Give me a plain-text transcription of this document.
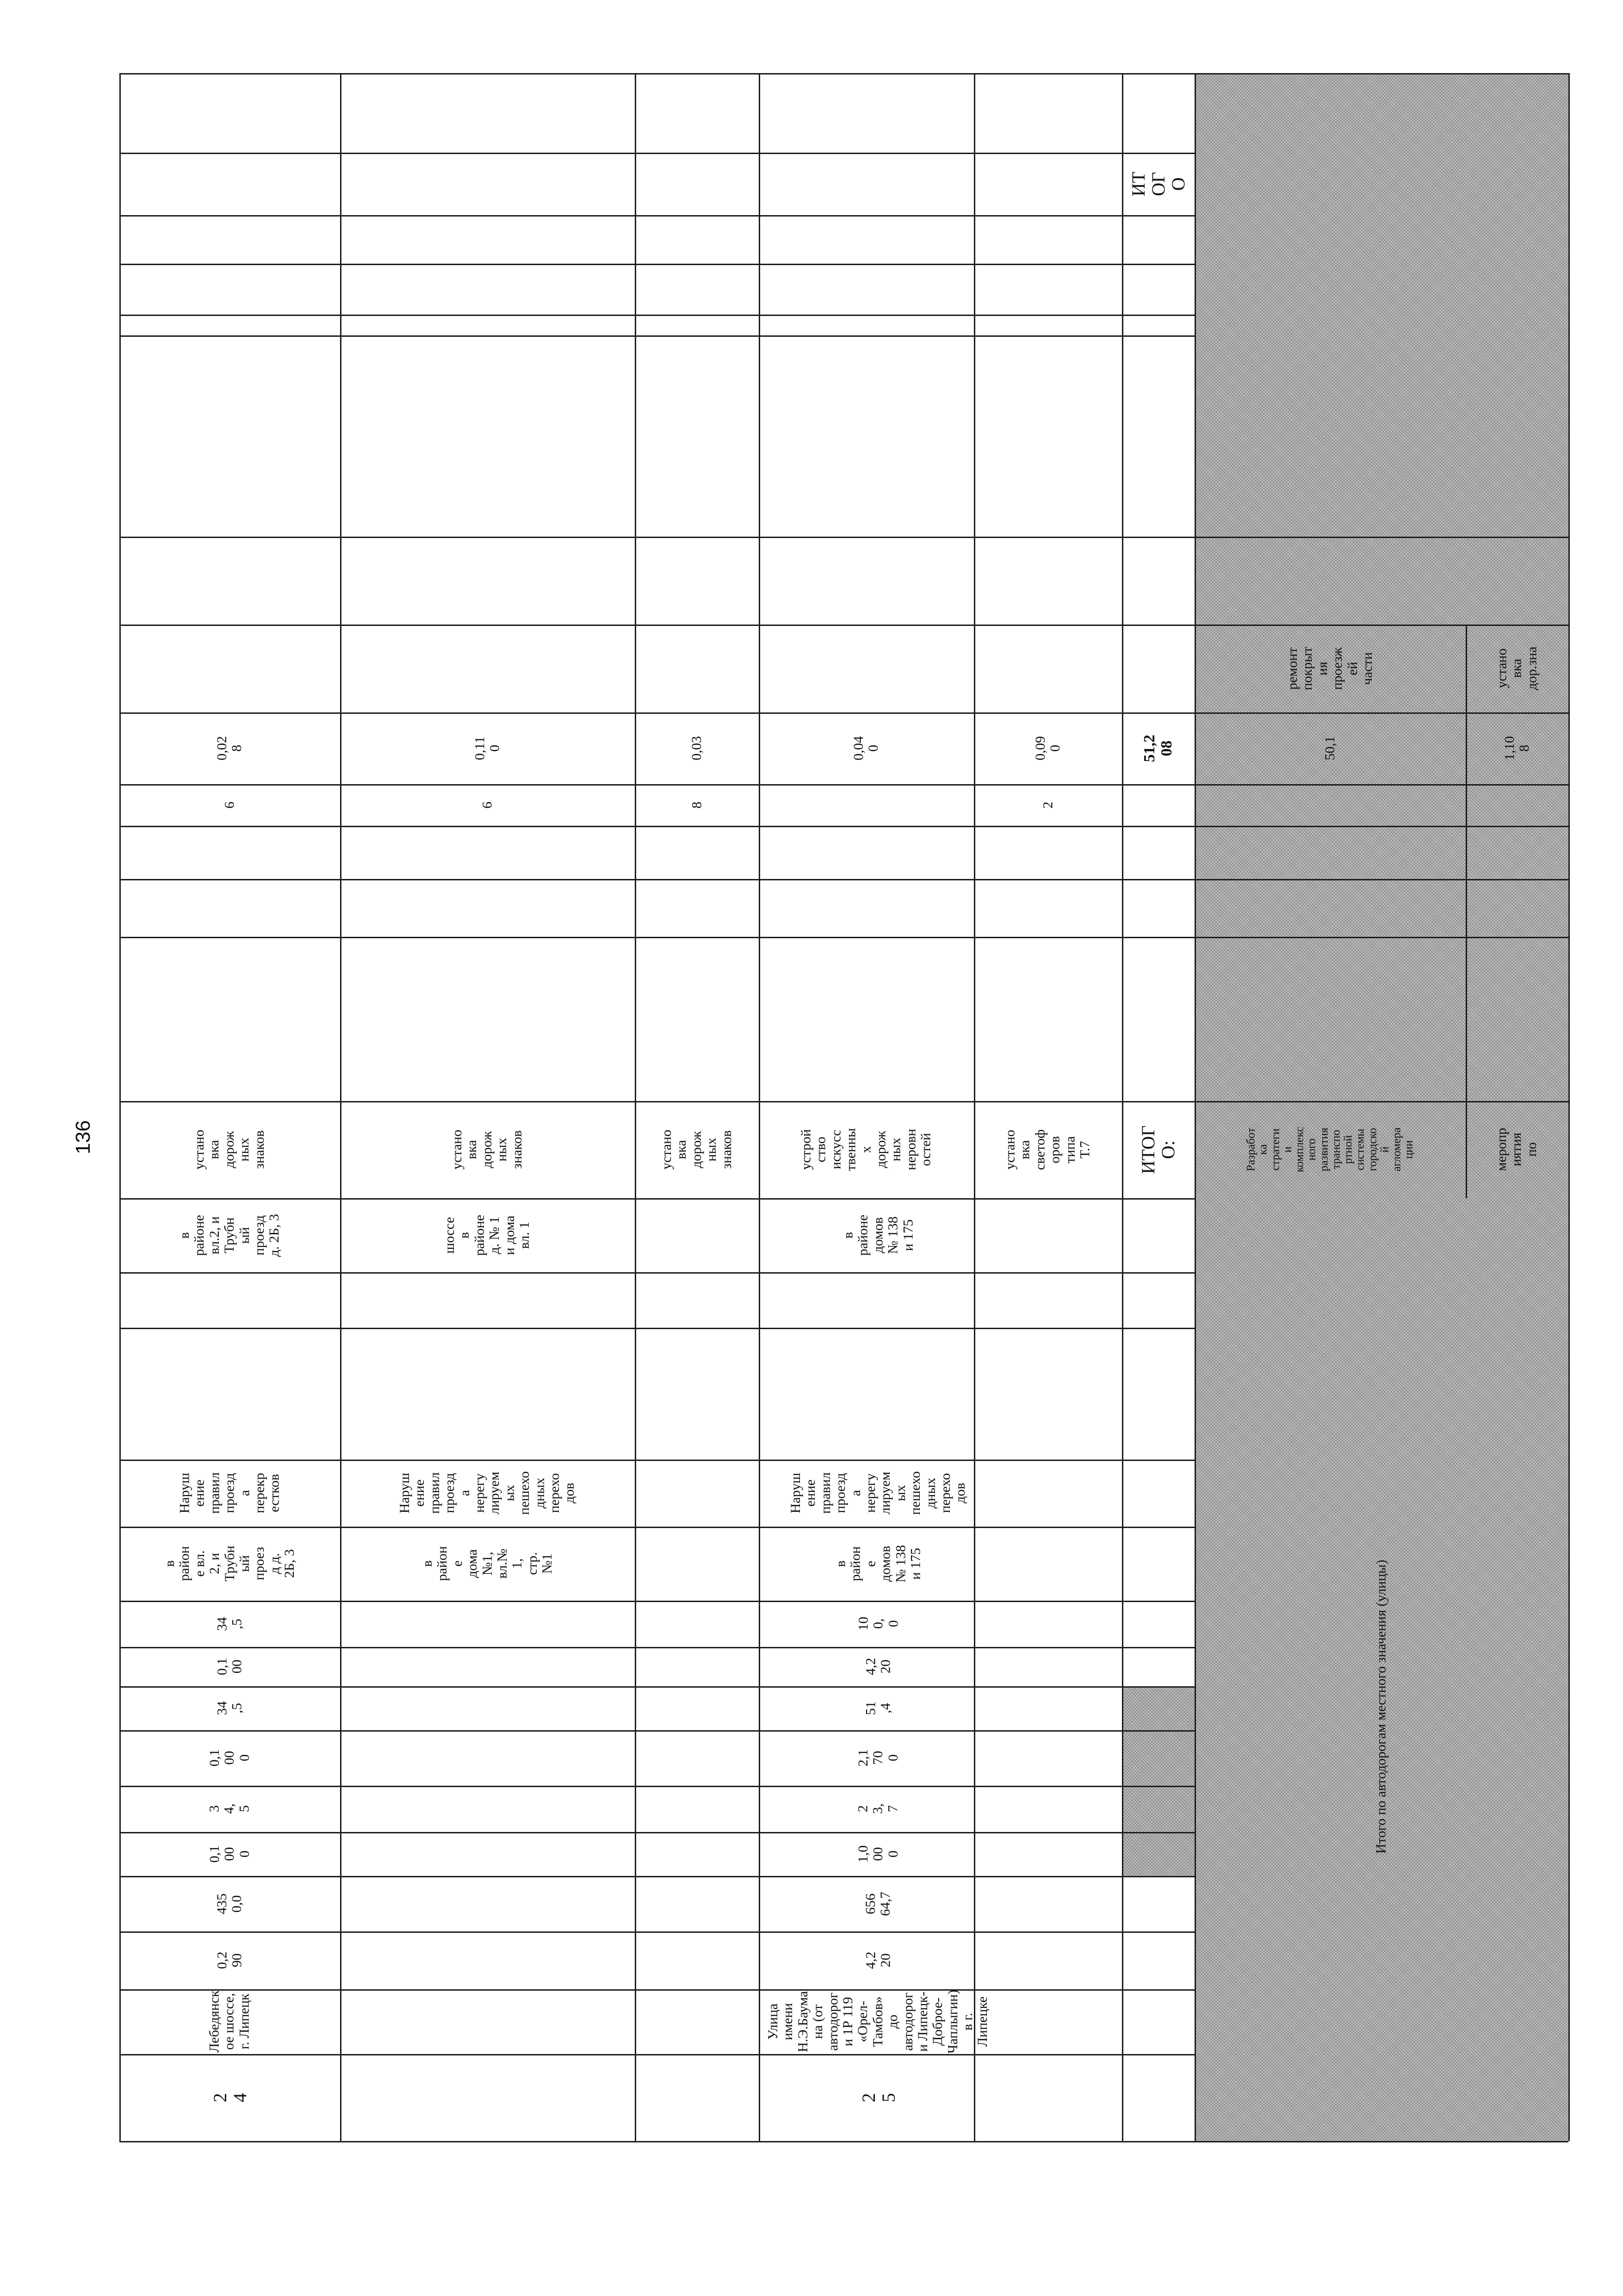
136
2
4
Лебедянск
ое шоссе,
г. Липецк
0,2
90
435
0,0
0,1
00
0
3
4,
5
0,1
00
0
34
,5
0,1
00
34
,5
в
район
е вл.
2, и
Трубн
ый
проез
д д.
2Б, 3
Наруш
ение
правил
проезд
а
перекр
естков
в
районе
вл.2, и
Трубн
ый
проезд
д. 2Б, 3
устано
вка
дорож
ных
знаков
6
0,02
8
в
район
е
дома
№1,
вл.№
1,
стр.
№1
Наруш
ение
правил
проезд
а
нерегу
лируем
ых
пешехо
дных
перехо
дов
шоссе
в
районе
д. № 1
и дома
вл. 1
устано
вка
дорож
ных
знаков
6
0,11
0
2
5
Улица
имени
Н.Э.Баума
на (от
автодорог
и 1Р 119
«Орел-
Тамбов»
до
автодорог
и Липецк-
Доброе-
Чаплыгин)
в г.
Липецке
4,2
20
656
64,7
1,0
00
0
2
3,
7
2,1
70
0
51
,4
4,2
20
10
0,
0
в
район
е
домов
№ 138
и 175
Наруш
ение
правил
проезд
а
нерегу
лируем
ых
пешехо
дных
перехо
дов
в
районе
домов
№ 138
и 175
устано
вка
дорож
ных
знаков
8
0,03
устрой
ство
искусс
твенны
х
дорож
ных
неровн
остей
0,04
0
устано
вка
светоф
оров
типа
Т.7
2
0,09
0
ИТОГ
О:
51,2
08
ИТ
ОГ
О
Итого по автодорогам местного значения (улицы)
Разработ
ка
стратеги
и
комплекс
ного
развития
транспо
ртной
системы
городско
й
агломера
ции
ремонт
покрыт
ия
проезж
ей
части
50,1
меропр
иятия
по
устано
вка
дор.зна
1,10
8
